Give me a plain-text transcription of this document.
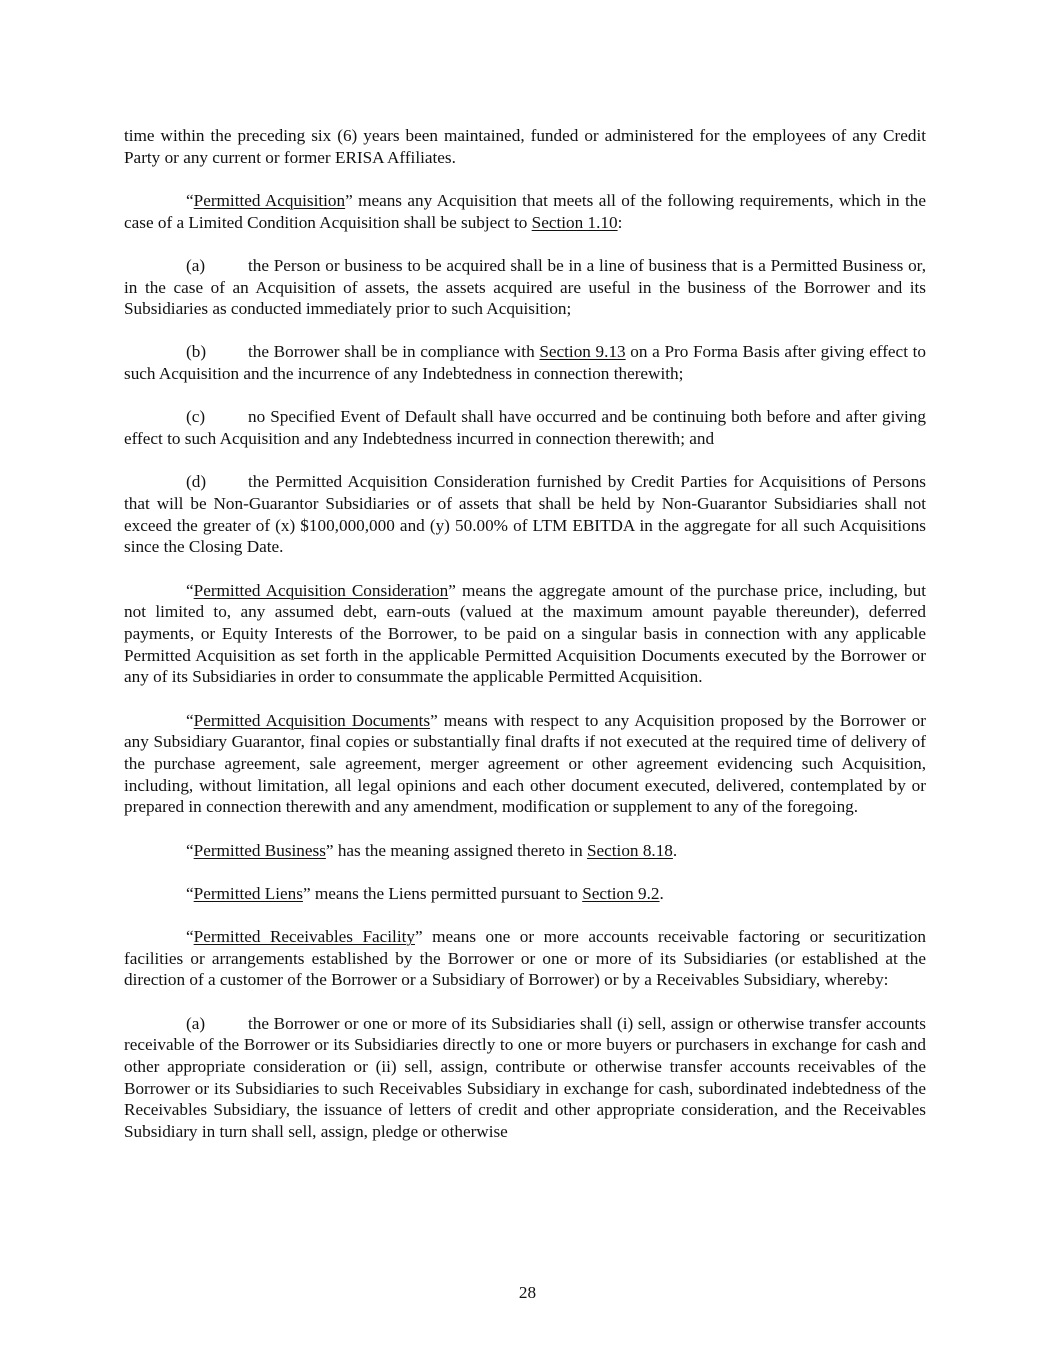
time within the preceding six (6) years been maintained, funded or administered for the employees of any Credit Party or any current or former ERISA Affiliates.

“Permitted Acquisition” means any Acquisition that meets all of the following requirements, which in the case of a Limited Condition Acquisition shall be subject to Section 1.10:

(a) the Person or business to be acquired shall be in a line of business that is a Permitted Business or, in the case of an Acquisition of assets, the assets acquired are useful in the business of the Borrower and its Subsidiaries as conducted immediately prior to such Acquisition;

(b) the Borrower shall be in compliance with Section 9.13 on a Pro Forma Basis after giving effect to such Acquisition and the incurrence of any Indebtedness in connection therewith;

(c) no Specified Event of Default shall have occurred and be continuing both before and after giving effect to such Acquisition and any Indebtedness incurred in connection therewith; and

(d) the Permitted Acquisition Consideration furnished by Credit Parties for Acquisitions of Persons that will be Non-Guarantor Subsidiaries or of assets that shall be held by Non-Guarantor Subsidiaries shall not exceed the greater of (x) $100,000,000 and (y) 50.00% of LTM EBITDA in the aggregate for all such Acquisitions since the Closing Date.

“Permitted Acquisition Consideration” means the aggregate amount of the purchase price, including, but not limited to, any assumed debt, earn-outs (valued at the maximum amount payable thereunder), deferred payments, or Equity Interests of the Borrower, to be paid on a singular basis in connection with any applicable Permitted Acquisition as set forth in the applicable Permitted Acquisition Documents executed by the Borrower or any of its Subsidiaries in order to consummate the applicable Permitted Acquisition.

“Permitted Acquisition Documents” means with respect to any Acquisition proposed by the Borrower or any Subsidiary Guarantor, final copies or substantially final drafts if not executed at the required time of delivery of the purchase agreement, sale agreement, merger agreement or other agreement evidencing such Acquisition, including, without limitation, all legal opinions and each other document executed, delivered, contemplated by or prepared in connection therewith and any amendment, modification or supplement to any of the foregoing.

“Permitted Business” has the meaning assigned thereto in Section 8.18.

“Permitted Liens” means the Liens permitted pursuant to Section 9.2.

“Permitted Receivables Facility” means one or more accounts receivable factoring or securitization facilities or arrangements established by the Borrower or one or more of its Subsidiaries (or established at the direction of a customer of the Borrower or a Subsidiary of Borrower) or by a Receivables Subsidiary, whereby:

(a) the Borrower or one or more of its Subsidiaries shall (i) sell, assign or otherwise transfer accounts receivable of the Borrower or its Subsidiaries directly to one or more buyers or purchasers in exchange for cash and other appropriate consideration or (ii) sell, assign, contribute or otherwise transfer accounts receivables of the Borrower or its Subsidiaries to such Receivables Subsidiary in exchange for cash, subordinated indebtedness of the Receivables Subsidiary, the issuance of letters of credit and other appropriate consideration, and the Receivables Subsidiary in turn shall sell, assign, pledge or otherwise

28
